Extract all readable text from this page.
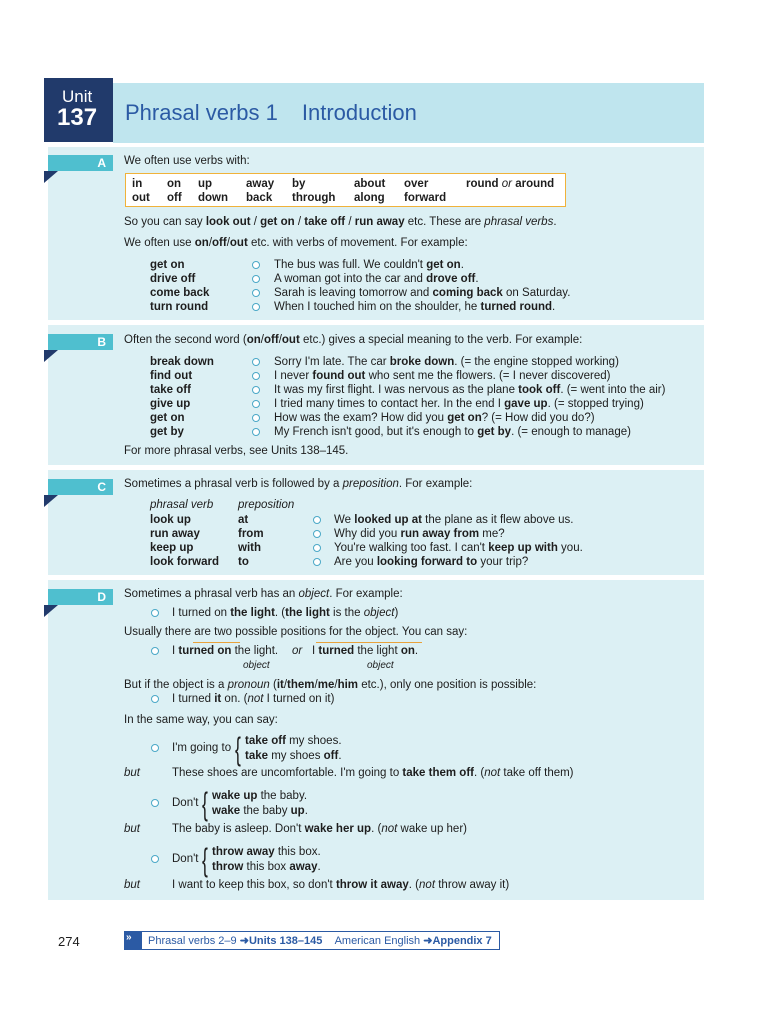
Unit
137 Phrasal verbs 1 Introduction
A We often use verbs with:
in on up	away by	about over	round or around
out off down back through along forward
So you can say look out / get on / take off / run away etc. These are phrasal verbs.
We often use on/off/out etc. with verbs of movement. For example:
get on	The bus was full. We couldn't get on.
drive off	A woman got into the car and drove off.
come back	Sarah is leaving tomorrow and coming back on Saturday.
turn round	When I touched him on the shoulder, he turned round.
B Often the second word (on/off/out etc.) gives a special meaning to the verb. For example:
break down	Sorry I'm late. The car broke down. (= the engine stopped working)
find out	I never found out who sent me the flowers. (= I never discovered)
take off	It was my first flight. I was nervous as the plane took off. (= went into the air)
give up	I tried many times to contact her. In the end I gave up. (= stopped trying)
get on	How was the exam? How did you get on? (= How did you do?)
get by	My French isn't good, but it's enough to get by. (= enough to manage)
For more phrasal verbs, see Units 138–145.
C Sometimes a phrasal verb is followed by a preposition. For example:
phrasal verb preposition
look up	at	We looked up at the plane as it flew above us.
run away	from	Why did you run away from me?
keep up	with	You're walking too fast. I can't keep up with you.
look forward to	Are you looking forward to your trip?
D Sometimes a phrasal verb has an object. For example:
I turned on the light. (the light is the object)
Usually there are two possible positions for the object. You can say:
I turned on the light. or I turned the light on.
object	object
But if the object is a pronoun (it/them/me/him etc.), only one position is possible:
I turned it on. (not I turned on it)
In the same way, you can say:
I'm going to { take off my shoes.
take my shoes off.
but	These shoes are uncomfortable. I'm going to take them off. (not take off them)
Don't { wake up the baby.
wake the baby up.
but	The baby is asleep. Don't wake her up. (not wake up her)
Don't { throw away this box.
throw this box away.
but	I want to keep this box, so don't throw it away. (not throw away it)
274	» Phrasal verbs 2–9 ➜Units 138–145 American English ➜Appendix 7
